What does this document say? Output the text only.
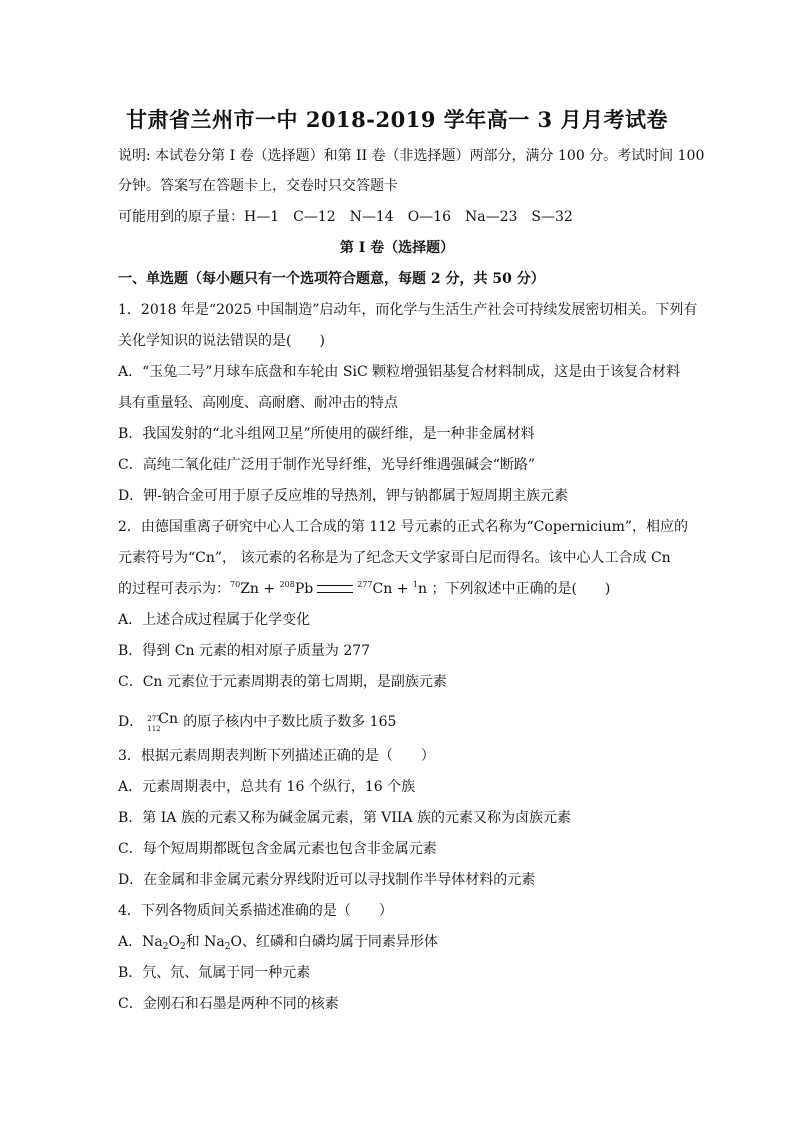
甘肃省兰州市一中 2018-2019 学年高一 3 月月考试卷
说明: 本试卷分第 I 卷（选择题）和第 II 卷（非选择题）两部分，满分 100 分。考试时间 100
分钟。答案写在答题卡上，交卷时只交答题卡
可能用到的原子量：H—1　C—12　N—14　O—16　Na—23　S—32
第 I 卷（选择题）
一、单选题（每小题只有一个选项符合题意，每题 2 分，共 50 分）
1．2018 年是“2025 中国制造”启动年，而化学与生活生产社会可持续发展密切相关。下列有
关化学知识的说法错误的是(　　)
A．“玉兔二号”月球车底盘和车轮由 SiC 颗粒增强铝基复合材料制成，这是由于该复合材料
具有重量轻、高刚度、高耐磨、耐冲击的特点
B．我国发射的“北斗组网卫星”所使用的碳纤维，是一种非金属材料
C．高纯二氧化硅广泛用于制作光导纤维，光导纤维遇强碱会“断路”
D．钾-钠合金可用于原子反应堆的导热剂，钾与钠都属于短周期主族元素
2．由德国重离子研究中心人工合成的第 112 号元素的正式名称为“Copernicium”，相应的
元素符号为“Cn”， 该元素的名称是为了纪念天文学家哥白尼而得名。该中心人工合成 Cn
的过程可表示为：$^{70}$Zn + $^{208}$Pb	$^{277}$Cn + $^1$n ；下列叙述中正确的是(　　)
A．上述合成过程属于化学变化
B．得到 Cn 元素的相对原子质量为 277
C．Cn 元素位于元素周期表的第七周期，是副族元素
D． 277
112
Cn 的原子核内中子数比质子数多 165
3．根据元素周期表判断下列描述正确的是（　　）
A．元素周期表中，总共有 16 个纵行，16 个族
B．第 IA 族的元素又称为碱金属元素，第 VIIA 族的元素又称为卤族元素
C．每个短周期都既包含金属元素也包含非金属元素
D．在金属和非金属元素分界线附近可以寻找制作半导体材料的元素
4．下列各物质间关系描述准确的是（　　）
A．$Na_2O_2$和 $Na_2O$、红磷和白磷均属于同素异形体
B．氕、氘、氚属于同一种元素
C．金刚石和石墨是两种不同的核素
